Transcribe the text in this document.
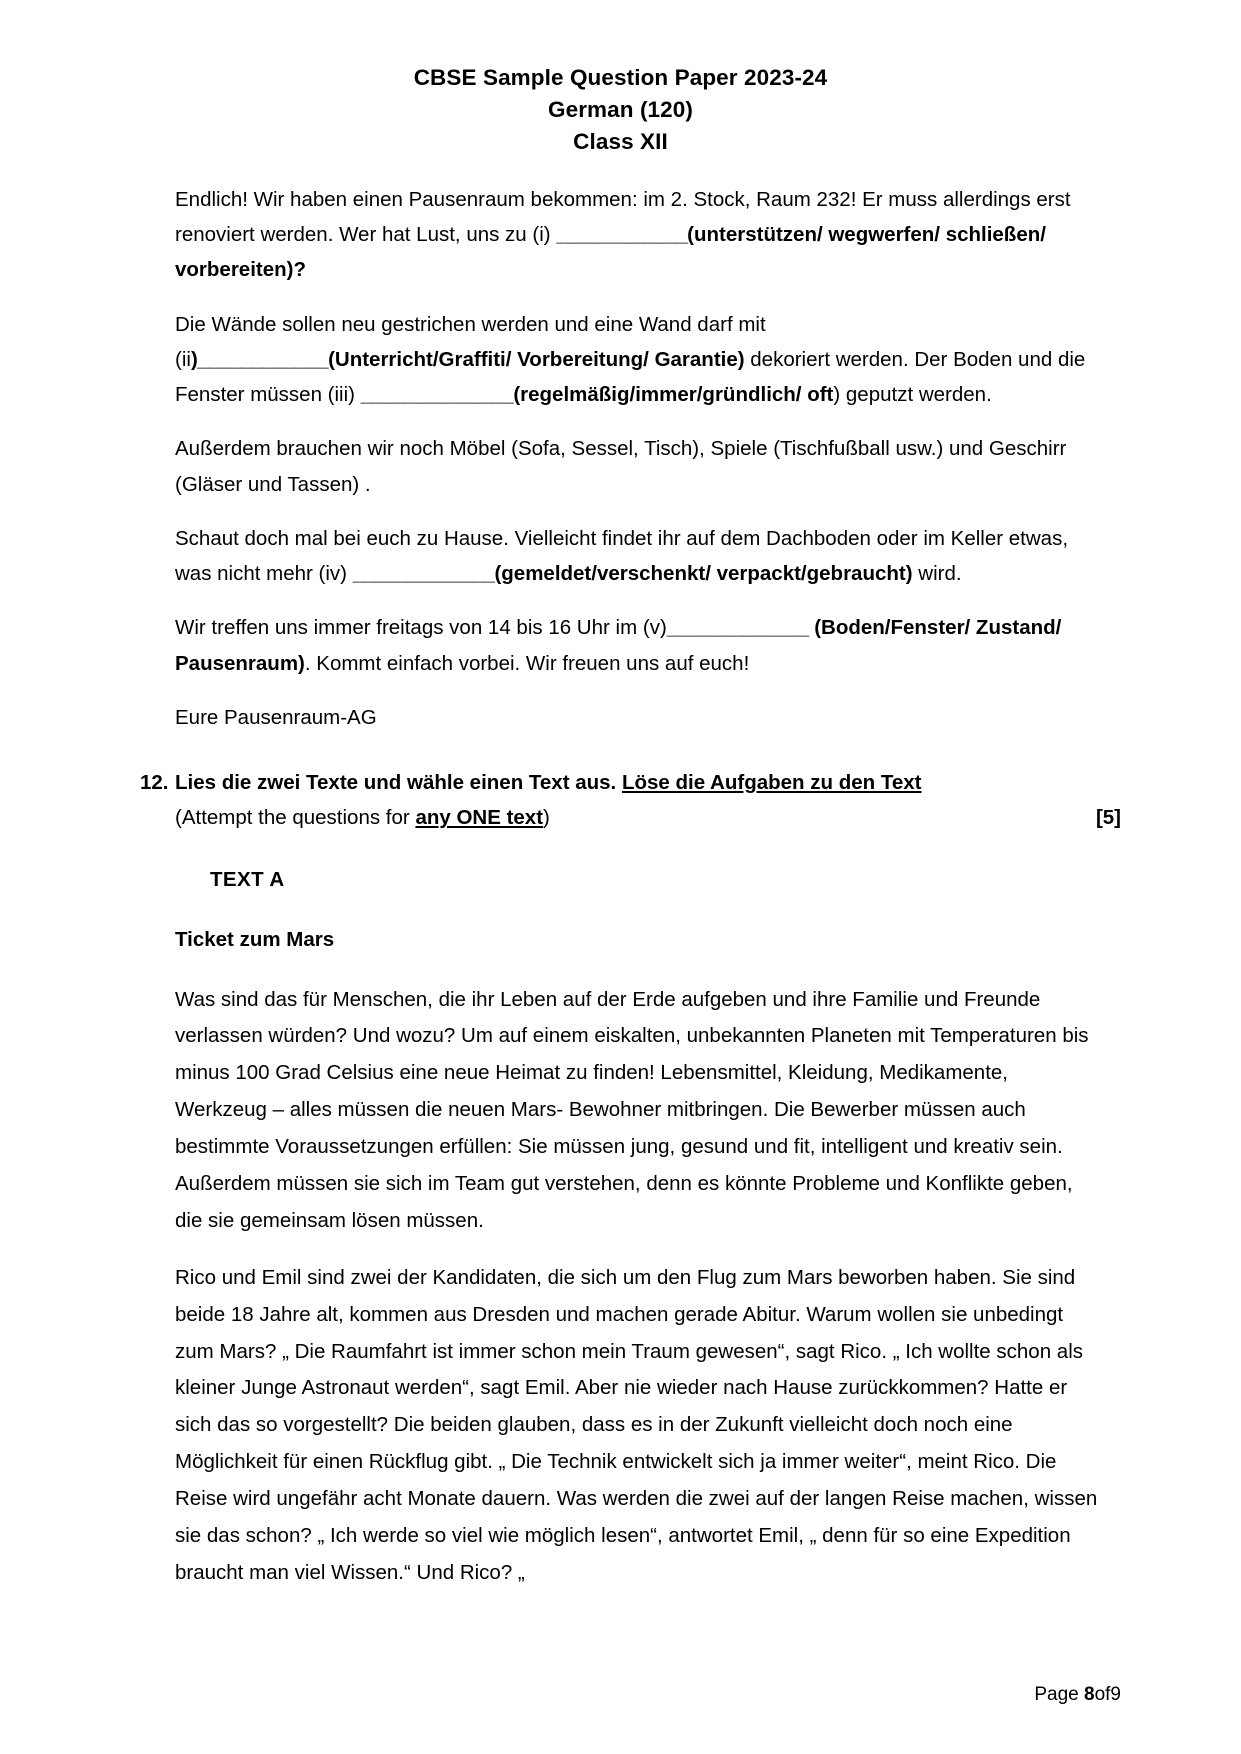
CBSE Sample Question Paper 2023-24
German (120)
Class XII

Endlich! Wir haben einen Pausenraum bekommen: im 2. Stock, Raum 232! Er muss allerdings erst renoviert werden. Wer hat Lust, uns zu (i) ____________(unterstützen/ wegwerfen/ schließen/ vorbereiten)?

Die Wände sollen neu gestrichen werden und eine Wand darf mit
(ii)____________(Unterricht/Graffiti/ Vorbereitung/ Garantie) dekoriert werden. Der Boden und die Fenster müssen (iii) ______________(regelmäßig/immer/gründlich/ oft) geputzt werden.

Außerdem brauchen wir noch Möbel (Sofa, Sessel, Tisch), Spiele (Tischfußball usw.) und Geschirr (Gläser und Tassen) .

Schaut doch mal bei euch zu Hause. Vielleicht findet ihr auf dem Dachboden oder im Keller etwas, was nicht mehr (iv) _____________(gemeldet/verschenkt/ verpackt/gebraucht) wird.

Wir treffen uns immer freitags von 14 bis 16 Uhr im (v)_____________ (Boden/Fenster/ Zustand/ Pausenraum). Kommt einfach vorbei. Wir freuen uns auf euch!

Eure Pausenraum-AG

12. Lies die zwei Texte und wähle einen Text aus. Löse die Aufgaben zu den Text
(Attempt the questions for any ONE text)	[5]
TEXT A
Ticket zum Mars

Was sind das für Menschen, die ihr Leben auf der Erde aufgeben und ihre Familie und Freunde verlassen würden? Und wozu? Um auf einem eiskalten, unbekannten Planeten mit Temperaturen bis minus 100 Grad Celsius eine neue Heimat zu finden! Lebensmittel, Kleidung, Medikamente, Werkzeug – alles müssen die neuen Mars- Bewohner mitbringen. Die Bewerber müssen auch bestimmte Voraussetzungen erfüllen: Sie müssen jung, gesund und fit, intelligent und kreativ sein. Außerdem müssen sie sich im Team gut verstehen, denn es könnte Probleme und Konflikte geben, die sie gemeinsam lösen müssen.

Rico und Emil sind zwei der Kandidaten, die sich um den Flug zum Mars beworben haben. Sie sind beide 18 Jahre alt, kommen aus Dresden und machen gerade Abitur. Warum wollen sie unbedingt zum Mars? „ Die Raumfahrt ist immer schon mein Traum gewesen“, sagt Rico. „ Ich wollte schon als kleiner Junge Astronaut werden“, sagt Emil. Aber nie wieder nach Hause zurückkommen? Hatte er sich das so vorgestellt? Die beiden glauben, dass es in der Zukunft vielleicht doch noch eine Möglichkeit für einen Rückflug gibt. „ Die Technik entwickelt sich ja immer weiter“, meint Rico. Die Reise wird ungefähr acht Monate dauern. Was werden die zwei auf der langen Reise machen, wissen sie das schon? „ Ich werde so viel wie möglich lesen“, antwortet Emil, „ denn für so eine Expedition braucht man viel Wissen.“ Und Rico? „

Page 8of9
